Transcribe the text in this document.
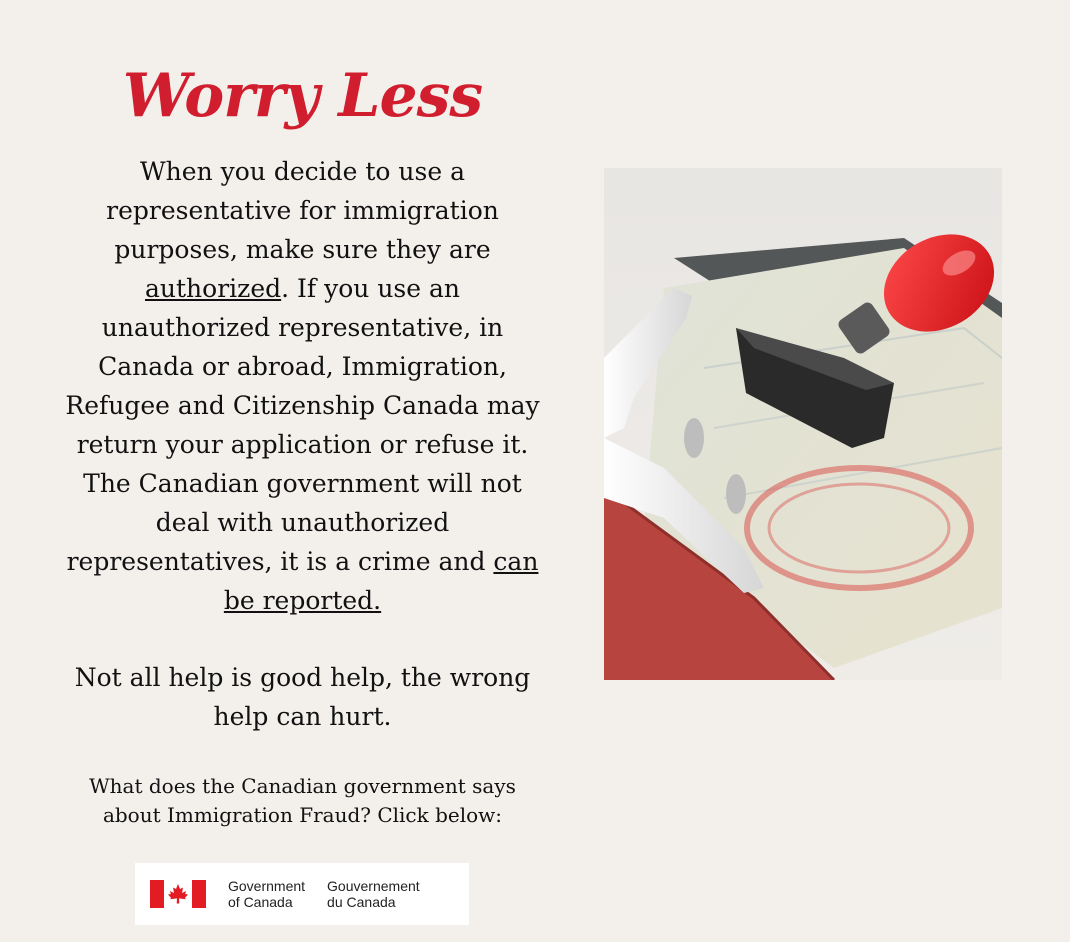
Worry Less

When you decide to use a representative for immigration purposes, make sure they are authorized. If you use an unauthorized representative, in Canada or abroad, Immigration, Refugee and Citizenship Canada may return your application or refuse it. The Canadian government will not deal with unauthorized representatives, it is a crime and can be reported.

Not all help is good help, the wrong help can hurt.

What does the Canadian government says about Immigration Fraud? Click below:

Government
of Canada
Gouvernement
du Canada
